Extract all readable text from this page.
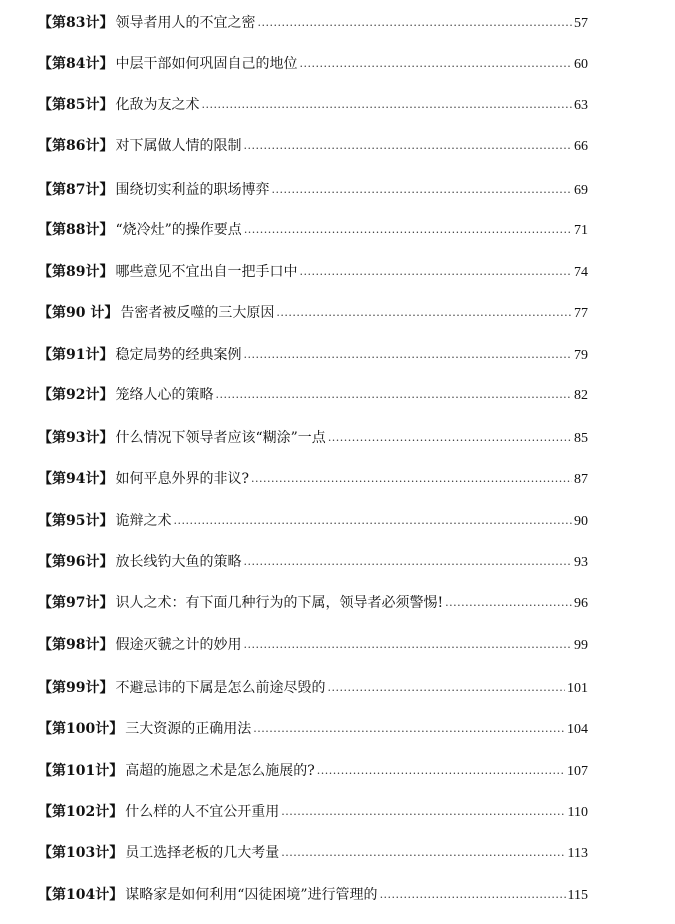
【第83计】 领导者用人的不宜之密 .....	57
【第84计】 中层干部如何巩固自己的地位 .....	60
【第85计】 化敌为友之术 .....	63
【第86计】 对下属做人情的限制 .....	66
【第87计】 围绕切实利益的职场博弈 .....	69
【第88计】 “烧冷灶”的操作要点 .....	71
【第89计】 哪些意见不宜出自一把手口中 .....	74
【第90 计】 告密者被反噬的三大原因 .....	77
【第91计】 稳定局势的经典案例 .....	79
【第92计】 笼络人心的策略 .....	82
【第93计】 什么情况下领导者应该“糊涂”一点 .....	85
【第94计】 如何平息外界的非议? .....	87
【第95计】 诡辩之术 .....	90
【第96计】 放长线钓大鱼的策略 .....	93
【第97计】 识人之术：有下面几种行为的下属，领导者必须警惕! .....	96
【第98计】 假途灭虢之计的妙用 .....	99
【第99计】 不避忌讳的下属是怎么前途尽毁的 .....	101
【第100计】 三大资源的正确用法 .....	104
【第101计】 高超的施恩之术是怎么施展的? .....	107
【第102计】 什么样的人不宜公开重用 .....	110
【第103计】 员工选择老板的几大考量 .....	113
【第104计】 谋略家是如何利用“囚徒困境”进行管理的 .....	115
